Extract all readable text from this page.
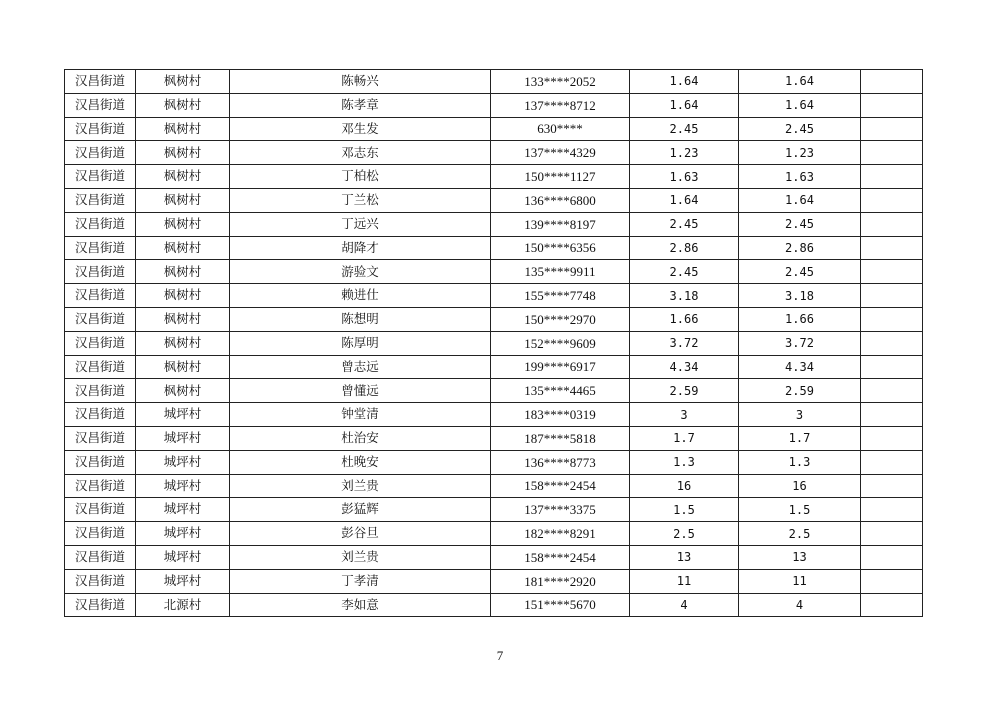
汉昌街道	枫树村	陈畅兴	133****2052	1.64	1.64	
汉昌街道	枫树村	陈孝章	137****8712	1.64	1.64	
汉昌街道	枫树村	邓生发	630****	2.45	2.45	
汉昌街道	枫树村	邓志东	137****4329	1.23	1.23	
汉昌街道	枫树村	丁柏松	150****1127	1.63	1.63	
汉昌街道	枫树村	丁兰松	136****6800	1.64	1.64	
汉昌街道	枫树村	丁远兴	139****8197	2.45	2.45	
汉昌街道	枫树村	胡降才	150****6356	2.86	2.86	
汉昌街道	枫树村	游验文	135****9911	2.45	2.45	
汉昌街道	枫树村	赖进仕	155****7748	3.18	3.18	
汉昌街道	枫树村	陈想明	150****2970	1.66	1.66	
汉昌街道	枫树村	陈厚明	152****9609	3.72	3.72	
汉昌街道	枫树村	曾志远	199****6917	4.34	4.34	
汉昌街道	枫树村	曾懂远	135****4465	2.59	2.59	
汉昌街道	城坪村	钟堂清	183****0319	3	3	
汉昌街道	城坪村	杜治安	187****5818	1.7	1.7	
汉昌街道	城坪村	杜晚安	136****8773	1.3	1.3	
汉昌街道	城坪村	刘兰贵	158****2454	16	16	
汉昌街道	城坪村	彭猛辉	137****3375	1.5	1.5	
汉昌街道	城坪村	彭谷旦	182****8291	2.5	2.5	
汉昌街道	城坪村	刘兰贵	158****2454	13	13	
汉昌街道	城坪村	丁孝清	181****2920	11	11	
汉昌街道	北源村	李如意	151****5670	4	4	
7
